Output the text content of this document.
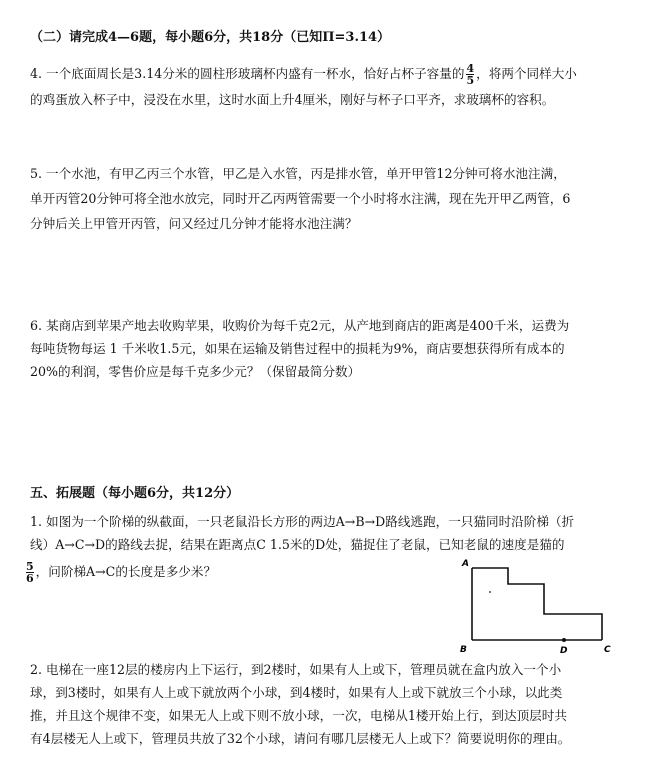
（二）请完成4—6题，每小题6分，共18分（已知Π=3.14）
4. 一个底面周长是3.14分米的圆柱形玻璃杯内盛有一杯水，恰好占杯子容量的 $\frac{4}{5}$ ，将两个同样大小
的鸡蛋放入杯子中，浸没在水里，这时水面上升4厘米，刚好与杯子口平齐，求玻璃杯的容积。
5. 一个水池，有甲乙丙三个水管，甲乙是入水管，丙是排水管，单开甲管12分钟可将水池注满，
单开丙管20分钟可将全池水放完，同时开乙丙两管需要一个小时将水注满，现在先开甲乙两管，6
分钟后关上甲管开丙管，问又经过几分钟才能将水池注满？
6. 某商店到苹果产地去收购苹果，收购价为每千克2元，从产地到商店的距离是400千米，运费为
每吨货物每运 1 千米收1.5元，如果在运输及销售过程中的损耗为9%，商店要想获得所有成本的
20%的利润，零售价应是每千克多少元？（保留最简分数）
五、拓展题（每小题6分，共12分）
1. 如图为一个阶梯的纵截面，一只老鼠沿长方形的两边A→B→D路线逃跑，一只猫同时沿阶梯（折
线）A→C→D的路线去捉，结果在距离点C 1.5米的D处，猫捉住了老鼠，已知老鼠的速度是猫的
$\frac{5}{6}$ ，问阶梯A→C的长度是多少米？	A
B	D	C
2. 电梯在一座12层的楼房内上下运行，到2楼时，如果有人上或下，管理员就在盒内放入一个小
球，到3楼时，如果有人上或下就放两个小球，到4楼时，如果有人上或下就放三个小球，以此类
推，并且这个规律不变，如果无人上或下则不放小球，一次，电梯从1楼开始上行，到达顶层时共
有4层楼无人上或下，管理员共放了32个小球，请问有哪几层楼无人上或下？简要说明你的理由。
